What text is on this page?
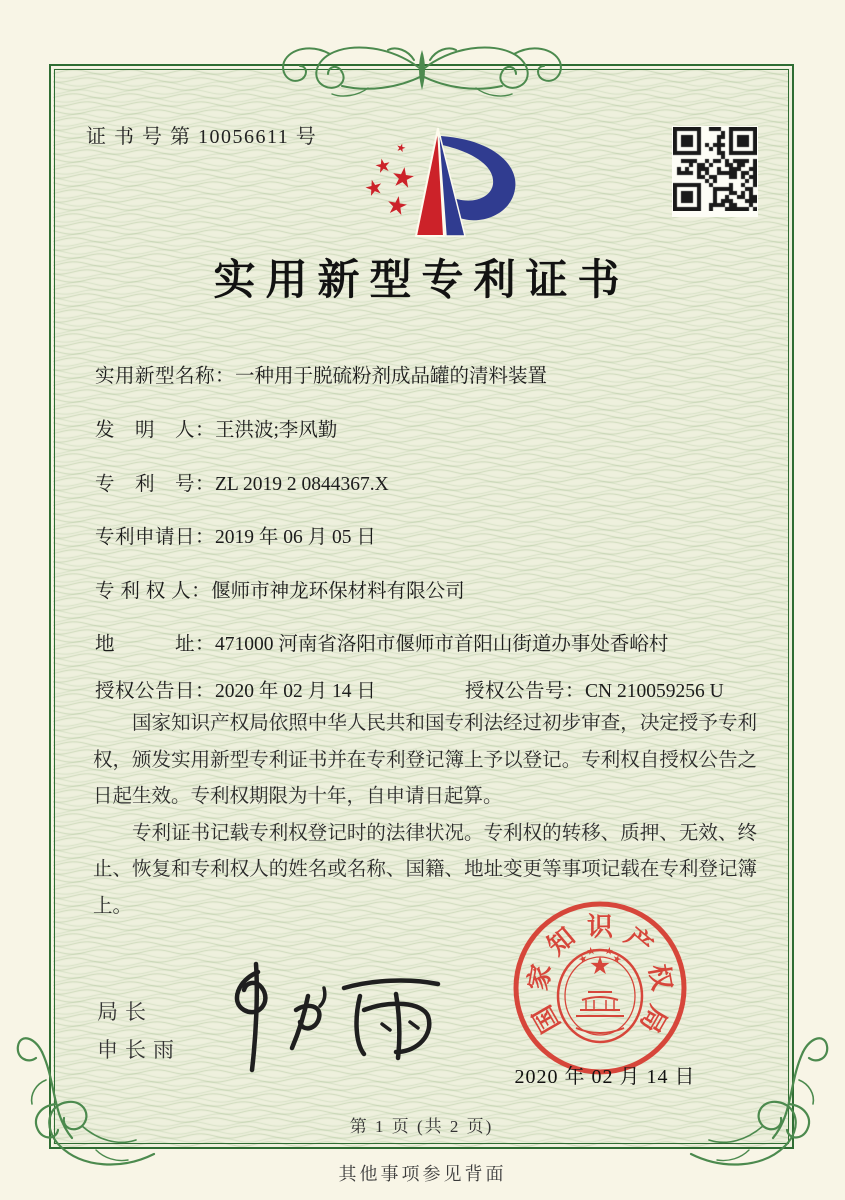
证 书 号 第 10056611 号
实用新型专利证书
实用新型名称：一种用于脱硫粉剂成品罐的清料装置
发　明　人：王洪波;李风勤
专　利　号：ZL 2019 2 0844367.X
专利申请日：2019 年 06 月 05 日
专 利 权 人：偃师市神龙环保材料有限公司
地　　　址：471000 河南省洛阳市偃师市首阳山街道办事处香峪村
授权公告日：2020 年 02 月 14 日	授权公告号：CN 210059256 U

国家知识产权局依照中华人民共和国专利法经过初步审查，决定授予专利权，颁发实用新型专利证书并在专利登记簿上予以登记。专利权自授权公告之日起生效。专利权期限为十年，自申请日起算。

专利证书记载专利权登记时的法律状况。专利权的转移、质押、无效、终止、恢复和专利权人的姓名或名称、国籍、地址变更等事项记载在专利登记簿上。

局长
申长雨
国
家
知 识 产
权
局
2020 年 02 月 14 日
第 1 页 (共 2 页)
其他事项参见背面
